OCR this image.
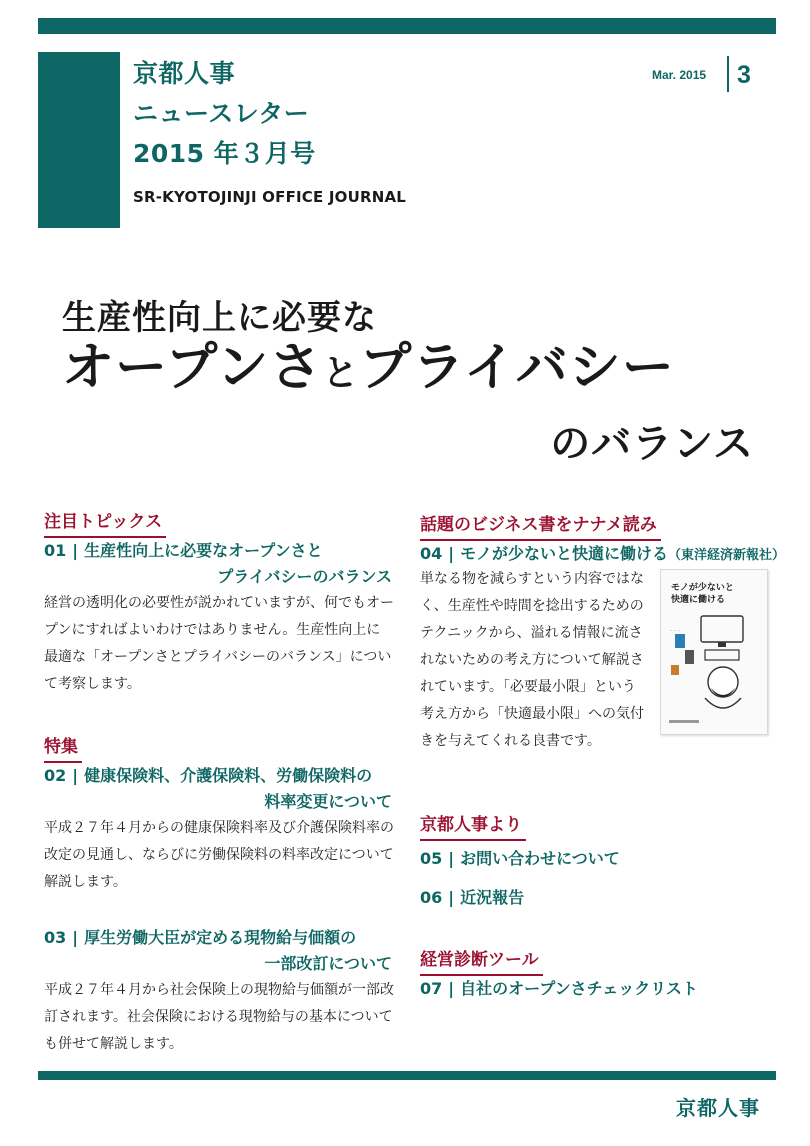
京都人事
ニュースレター
2015 年３月号
SR-KYOTOJINJI OFFICE JOURNAL
Mar. 2015 3
生産性向上に必要な
オープンさとプライバシー
のバランス
注目トピックス
01 | 生産性向上に必要なオープンさと
プライバシーのバランス
経営の透明化の必要性が説かれていますが、何でもオープンにすればよいわけではありません。生産性向上に最適な「オープンさとプライバシーのバランス」について考察します。
特集
02 | 健康保険料、介護保険料、労働保険料の
料率変更について
平成２７年４月からの健康保険料率及び介護保険料率の改定の見通し、ならびに労働保険料の料率改定について解説します。
03 | 厚生労働大臣が定める現物給与価額の
一部改訂について
平成２７年４月から社会保険上の現物給与価額が一部改訂されます。社会保険における現物給与の基本についても併せて解説します。
話題のビジネス書をナナメ読み
04 | モノが少ないと快適に働ける（東洋経済新報社）
単なる物を減らすという内容ではなく、生産性や時間を捻出するためのテクニックから、溢れる情報に流されないための考え方について解説されています。「必要最小限」という考え方から「快適最小限」への気付きを与えてくれる良書です。
モノが少ないと
快適に働ける
・・・
京都人事より
05 | お問い合わせについて
06 | 近況報告
経営診断ツール
07 | 自社のオープンさチェックリスト
京都人事
